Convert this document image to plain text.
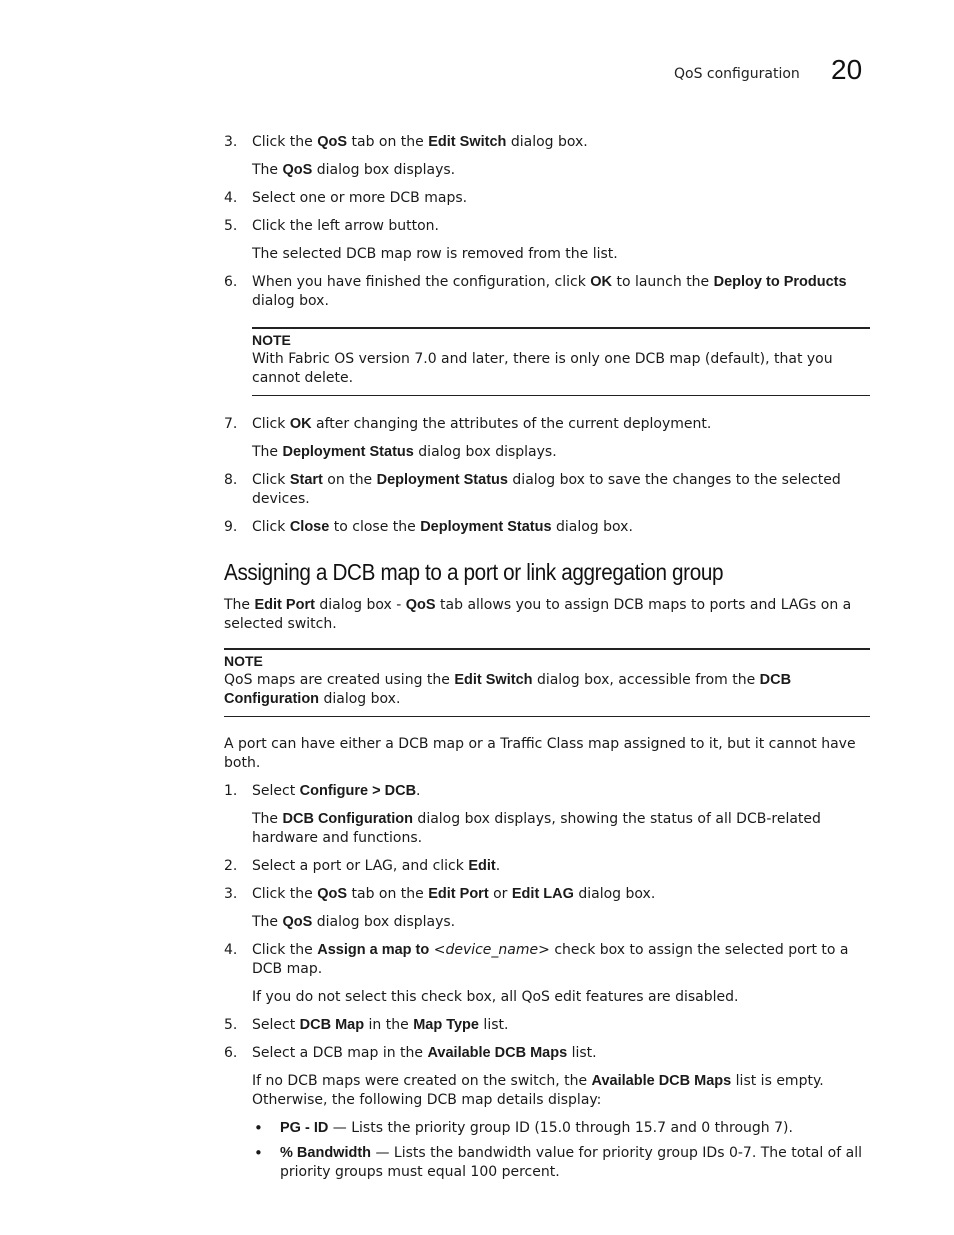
QoS configuration 20
3. Click the QoS tab on the Edit Switch dialog box.
The QoS dialog box displays.
4. Select one or more DCB maps.
5. Click the left arrow button.
The selected DCB map row is removed from the list.
6. When you have finished the configuration, click OK to launch the Deploy to Products dialog box.
NOTE
With Fabric OS version 7.0 and later, there is only one DCB map (default), that you cannot delete.
7. Click OK after changing the attributes of the current deployment.
The Deployment Status dialog box displays.
8. Click Start on the Deployment Status dialog box to save the changes to the selected devices.
9. Click Close to close the Deployment Status dialog box.
Assigning a DCB map to a port or link aggregation group
The Edit Port dialog box - QoS tab allows you to assign DCB maps to ports and LAGs on a selected switch.
NOTE
QoS maps are created using the Edit Switch dialog box, accessible from the DCB Configuration dialog box.
A port can have either a DCB map or a Traffic Class map assigned to it, but it cannot have both.
1. Select Configure > DCB.
The DCB Configuration dialog box displays, showing the status of all DCB-related hardware and functions.
2. Select a port or LAG, and click Edit.
3. Click the QoS tab on the Edit Port or Edit LAG dialog box.
The QoS dialog box displays.
4. Click the Assign a map to <device_name> check box to assign the selected port to a DCB map.
If you do not select this check box, all QoS edit features are disabled.
5. Select DCB Map in the Map Type list.
6. Select a DCB map in the Available DCB Maps list.
If no DCB maps were created on the switch, the Available DCB Maps list is empty. Otherwise, the following DCB map details display:
• PG - ID — Lists the priority group ID (15.0 through 15.7 and 0 through 7).
• % Bandwidth — Lists the bandwidth value for priority group IDs 0-7. The total of all priority groups must equal 100 percent.
